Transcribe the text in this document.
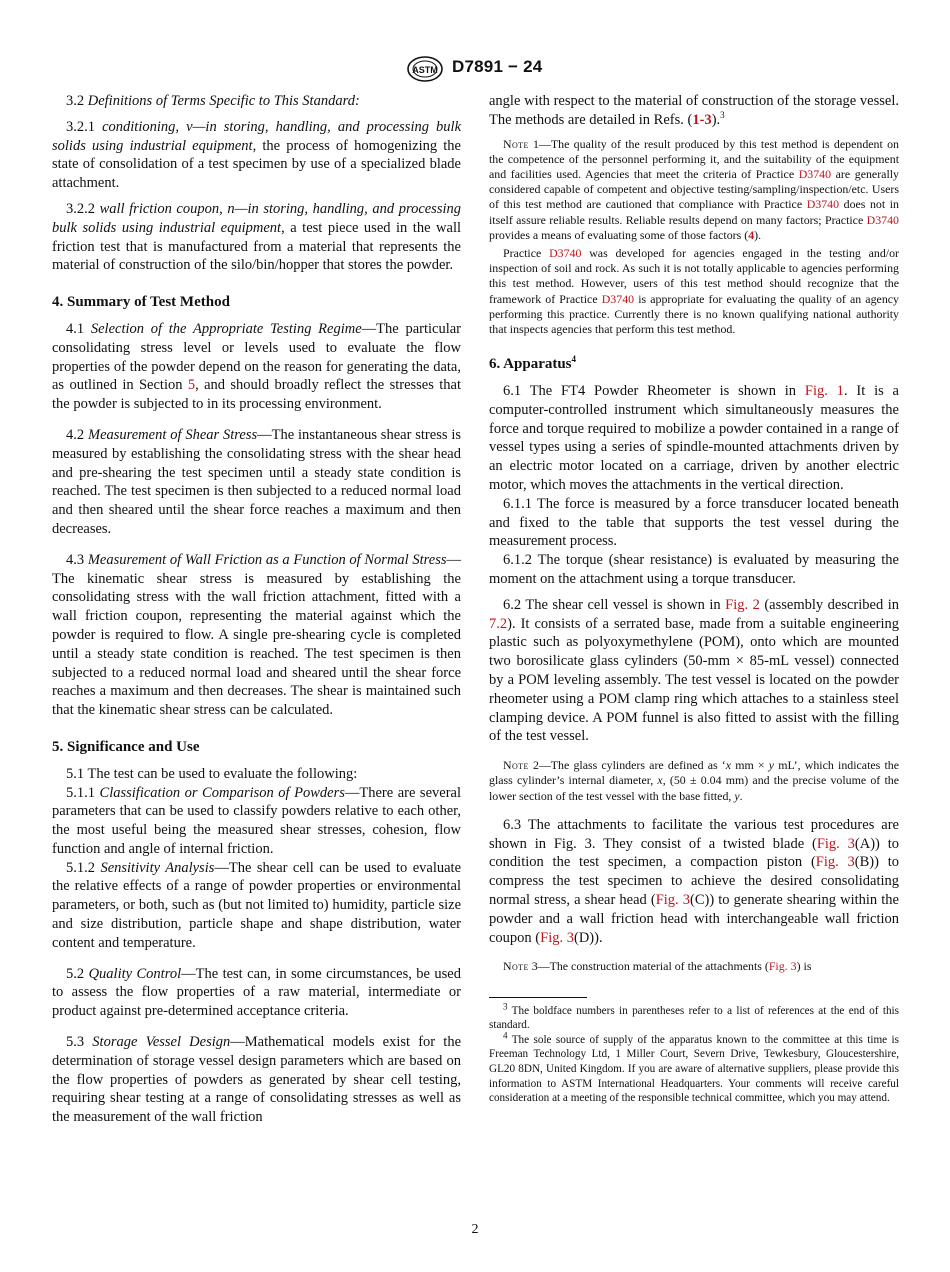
ASTM D7891 − 24

3.2 Definitions of Terms Specific to This Standard:

3.2.1 conditioning, v—in storing, handling, and processing bulk solids using industrial equipment, the process of homogenizing the state of consolidation of a test specimen by use of a specialized blade attachment.

3.2.2 wall friction coupon, n—in storing, handling, and processing bulk solids using industrial equipment, a test piece used in the wall friction test that is manufactured from a material that represents the material of construction of the silo/bin/hopper that stores the powder.

4. Summary of Test Method

4.1 Selection of the Appropriate Testing Regime—The particular consolidating stress level or levels used to evaluate the flow properties of the powder depend on the reason for generating the data, as outlined in Section 5, and should broadly reflect the stresses that the powder is subjected to in its processing environment.

4.2 Measurement of Shear Stress—The instantaneous shear stress is measured by establishing the consolidating stress with the shear head and pre-shearing the test specimen until a steady state condition is reached. The test specimen is then subjected to a reduced normal load and then sheared until the shear force reaches a maximum and then decreases.

4.3 Measurement of Wall Friction as a Function of Normal Stress—The kinematic shear stress is measured by establishing the consolidating stress with the wall friction attachment, fitted with a wall friction coupon, representing the material against which the powder is required to flow. A single pre-shearing cycle is completed until a steady state condition is reached. The test specimen is then subjected to a reduced normal load and sheared until the shear force reaches a maximum and then decreases. The shear is maintained such that the kinematic shear stress can be calculated.

5. Significance and Use

5.1 The test can be used to evaluate the following:

5.1.1 Classification or Comparison of Powders—There are several parameters that can be used to classify powders relative to each other, the most useful being the measured shear stresses, cohesion, flow function and angle of internal friction.

5.1.2 Sensitivity Analysis—The shear cell can be used to evaluate the relative effects of a range of powder properties or environmental parameters, or both, such as (but not limited to) humidity, particle size and size distribution, particle shape and shape distribution, water content and temperature.

5.2 Quality Control—The test can, in some circumstances, be used to assess the flow properties of a raw material, intermediate or product against pre-determined acceptance criteria.

5.3 Storage Vessel Design—Mathematical models exist for the determination of storage vessel design parameters which are based on the flow properties of powders as generated by shear cell testing, requiring shear testing at a range of consolidating stresses as well as the measurement of the wall friction

angle with respect to the material of construction of the storage vessel. The methods are detailed in Refs. (1-3).$^3$

Note 1—The quality of the result produced by this test method is dependent on the competence of the personnel performing it, and the suitability of the equipment and facilities used. Agencies that meet the criteria of Practice D3740 are generally considered capable of competent and objective testing/sampling/inspection/etc. Users of this test method are cautioned that compliance with Practice D3740 does not in itself assure reliable results. Reliable results depend on many factors; Practice D3740 provides a means of evaluating some of those factors (4).

Practice D3740 was developed for agencies engaged in the testing and/or inspection of soil and rock. As such it is not totally applicable to agencies performing this test method. However, users of this test method should recognize that the framework of Practice D3740 is appropriate for evaluating the quality of an agency performing this practice. Currently there is no known qualifying national authority that inspects agencies that perform this test method.

6. Apparatus$^4$

6.1 The FT4 Powder Rheometer is shown in Fig. 1. It is a computer-controlled instrument which simultaneously measures the force and torque required to mobilize a powder contained in a range of vessel types using a series of spindle-mounted attachments driven by an electric motor located on a carriage, driven by another electric motor, which moves the attachments in the vertical direction.

6.1.1 The force is measured by a force transducer located beneath and fixed to the table that supports the test vessel during the measurement process.

6.1.2 The torque (shear resistance) is evaluated by measuring the moment on the attachment using a torque transducer.

6.2 The shear cell vessel is shown in Fig. 2 (assembly described in 7.2). It consists of a serrated base, made from a suitable engineering plastic such as polyoxymethylene (POM), onto which are mounted two borosilicate glass cylinders (50-mm × 85-mL vessel) connected by a POM leveling assembly. The test vessel is located on the powder rheometer using a POM clamp ring which attaches to a stainless steel clamping device. A POM funnel is also fitted to assist with the filling of the test vessel.

Note 2—The glass cylinders are defined as ‘x mm × y mL’, which indicates the glass cylinder’s internal diameter, x, (50 ± 0.04 mm) and the precise volume of the lower section of the test vessel with the base fitted, y.

6.3 The attachments to facilitate the various test procedures are shown in Fig. 3. They consist of a twisted blade (Fig. 3(A)) to condition the test specimen, a compaction piston (Fig. 3(B)) to compress the test specimen to achieve the desired consolidating normal stress, a shear head (Fig. 3(C)) to generate shearing within the powder and a wall friction head with interchangeable wall friction coupon (Fig. 3(D)).

Note 3—The construction material of the attachments (Fig. 3) is

$^3$ The boldface numbers in parentheses refer to a list of references at the end of this standard.

$^4$ The sole source of supply of the apparatus known to the committee at this time is Freeman Technology Ltd, 1 Miller Court, Severn Drive, Tewkesbury, Gloucestershire, GL20 8DN, United Kingdom. If you are aware of alternative suppliers, please provide this information to ASTM International Headquarters. Your comments will receive careful consideration at a meeting of the responsible technical committee, which you may attend.

2
